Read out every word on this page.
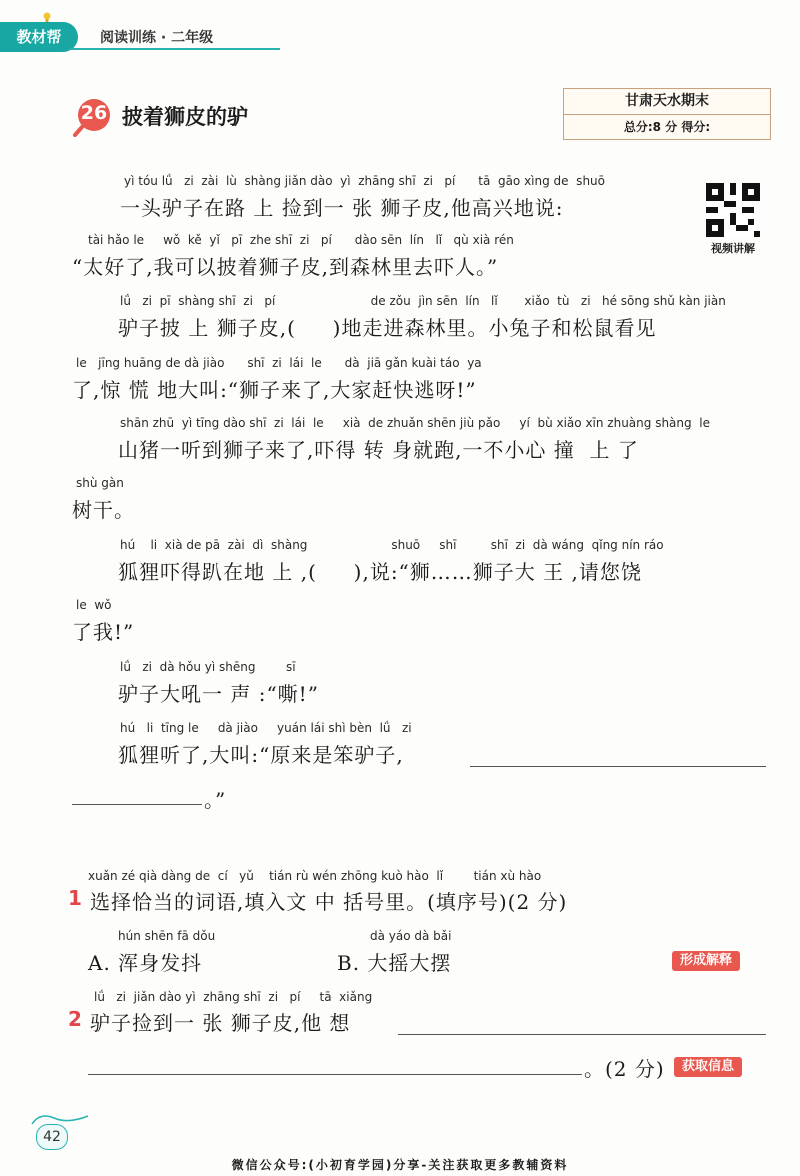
教材帮	阅读训练 · 二年级
26 披着狮皮的驴
甘肃天水期末
总分:8 分 得分:
视频讲解
yì tóu lǘ   zi  zài  lù  shàng jiǎn dào  yì  zhāng shī  zi   pí      tā  gāo xìng de  shuō
一头驴子在路 上 捡到一 张 狮子皮,他高兴地说:
tài hǎo le     wǒ  kě  yǐ   pī  zhe shī  zi   pí      dào sēn  lín   lǐ   qù xià rén
“太好了,我可以披着狮子皮,到森林里去吓人。”
lǘ   zi  pī  shàng shī  zi   pí                         de zǒu  jìn sēn  lín   lǐ       xiǎo  tù   zi   hé sōng shǔ kàn jiàn
驴子披 上 狮子皮,(     )地走进森林里。小兔子和松鼠看见
le   jīng huāng de dà jiào      shī  zi  lái  le      dà  jiā gǎn kuài táo  ya
了,惊 慌 地大叫:“狮子来了,大家赶快逃呀!”
shān zhū  yì tīng dào shī  zi  lái  le     xià  de zhuǎn shēn jiù pǎo     yí  bù xiǎo xīn zhuàng shàng  le
山猪一听到狮子来了,吓得 转 身就跑,一不小心 撞  上 了
shù gàn
树干。
hú    li  xià de pā  zài  dì  shàng                      shuō     shī         shī  zi  dà wáng  qǐng nín ráo
狐狸吓得趴在地 上 ,(     ),说:“狮……狮子大 王 ,请您饶
le  wǒ
了我!”
lǘ   zi  dà hǒu yì shēng        sī
驴子大吼一 声 :“嘶!”
hú   li  tīng le     dà jiào     yuán lái shì bèn  lǘ   zi
狐狸听了,大叫:“原来是笨驴子,
。”
xuǎn zé qià dàng de  cí   yǔ    tián rù wén zhōng kuò hào  lǐ        tián xù hào
1 选择恰当的词语,填入文 中 括号里。(填序号)(2 分)
hún shēn fā dǒu
A. 浑身发抖
dà yáo dà bǎi
B. 大摇大摆	形成解释
lǘ   zi  jiǎn dào yì  zhāng shī  zi   pí     tā  xiǎng
2 驴子捡到一 张 狮子皮,他 想
。(2 分)	获取信息
42
微信公众号:(小初育学园)分享-关注获取更多教辅资料
